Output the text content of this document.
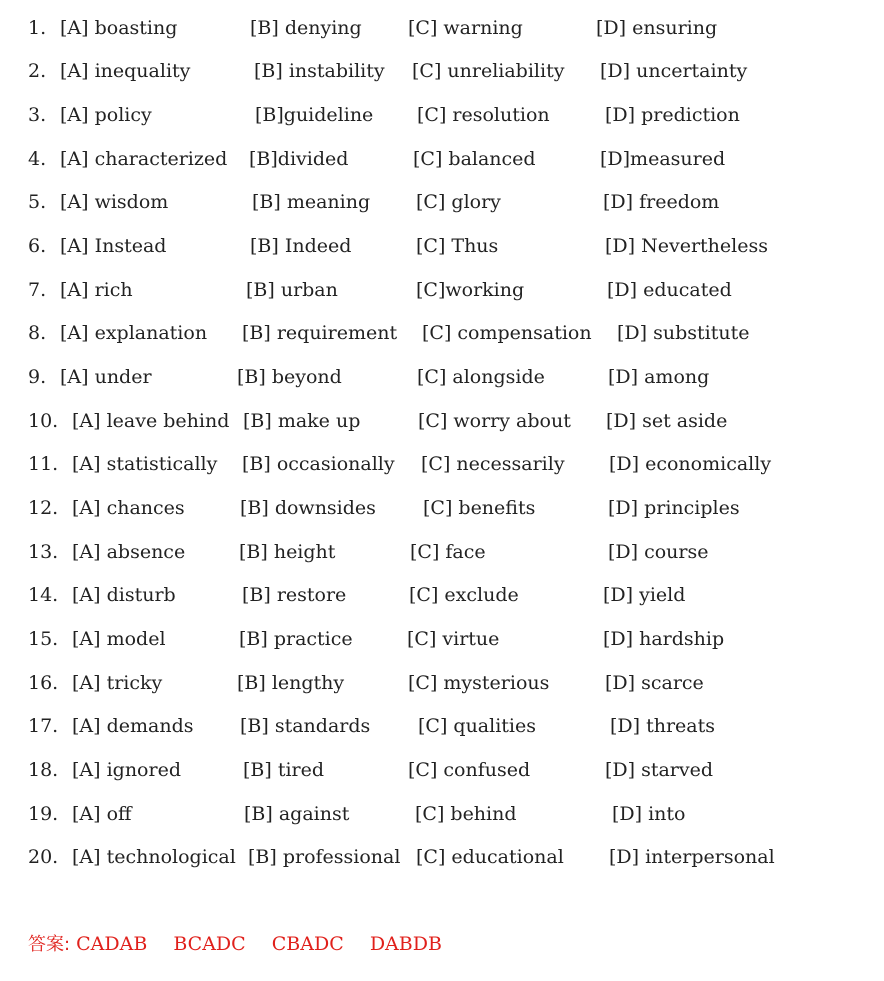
1. [A] boasting	[B] denying [C] warning	[D] ensuring
2. [A] inequality	[B] instability [C] unreliability [D] uncertainty
3. [A] policy	[B]guideline [C] resolution	[D] prediction
4. [A] characterized [B]divided	[C] balanced	[D]measured
5. [A] wisdom	[B] meaning [C] glory	[D] freedom
6. [A] Instead	[B] Indeed	[C] Thus	[D] Nevertheless
7. [A] rich	[B] urban	[C]working	[D] educated
8. [A] explanation [B] requirement [C] compensation [D] substitute
9. [A] under	[B] beyond	[C] alongside	[D] among
10. [A] leave behind [B] make up	[C] worry about [D] set aside
11. [A] statistically [B] occasionally [C] necessarily [D] economically
12. [A] chances	[B] downsides [C] benefits	[D] principles
13. [A] absence	[B] height	[C] face	[D] course
14. [A] disturb	[B] restore	[C] exclude	[D] yield
15. [A] model	[B] practice	[C] virtue	[D] hardship
16. [A] tricky	[B] lengthy	[C] mysterious	[D] scarce
17. [A] demands [B] standards	[C] qualities	[D] threats
18. [A] ignored	[B] tired	[C] confused	[D] starved
19. [A] off	[B] against	[C] behind	[D] into
20. [A] technological [B] professional [C] educational [D] interpersonal
答案: CADAB BCADC CBADC DABDB
